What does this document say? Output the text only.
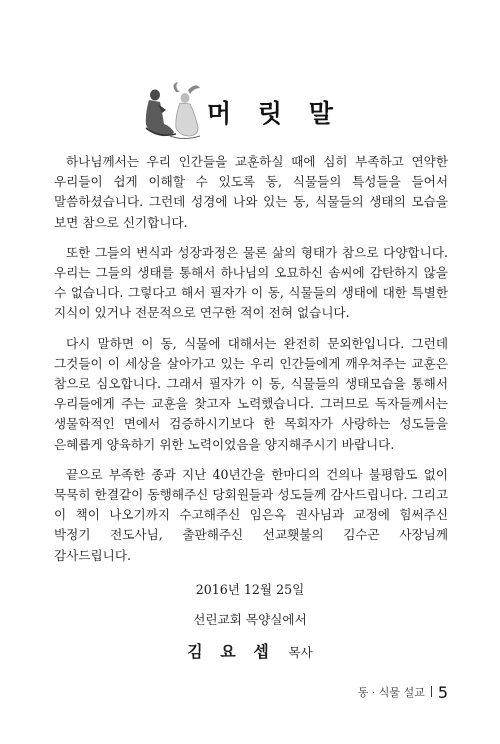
머 릿 말

하나님께서는 우리 인간들을 교훈하실 때에 심히 부족하고 연약한 우리들이 쉽게 이해할 수 있도록 동, 식물들의 특성들을 들어서 말씀하셨습니다. 그런데 성경에 나와 있는 동, 식물들의 생태의 모습을 보면 참으로 신기합니다.

또한 그들의 번식과 성장과정은 물론 삶의 형태가 참으로 다양합니다. 우리는 그들의 생태를 통해서 하나님의 오묘하신 솜씨에 감탄하지 않을 수 없습니다. 그렇다고 해서 필자가 이 동, 식물들의 생태에 대한 특별한 지식이 있거나 전문적으로 연구한 적이 전혀 없습니다.

다시 말하면 이 동, 식물에 대해서는 완전히 문외한입니다. 그런데 그것들이 이 세상을 살아가고 있는 우리 인간들에게 깨우쳐주는 교훈은 참으로 심오합니다. 그래서 필자가 이 동, 식물들의 생태모습을 통해서 우리들에게 주는 교훈을 찾고자 노력했습니다. 그러므로 독자들께서는 생물학적인 면에서 검증하시기보다 한 목회자가 사랑하는 성도들을 은혜롭게 양육하기 위한 노력이었음을 양지해주시기 바랍니다.

끝으로 부족한 종과 지난 40년간을 한마디의 건의나 불평함도 없이 묵묵히 한결같이 동행해주신 당회원들과 성도들께 감사드립니다. 그리고 이 책이 나오기까지 수고해주신 임은옥 권사님과 교정에 힘써주신 박정기 전도사님, 출판해주신 선교횃불의 김수곤 사장님께 감사드립니다.

2016년 12월 25일
선린교회 목양실에서
김 요 셉 목사
동 · 식물 설교 5
